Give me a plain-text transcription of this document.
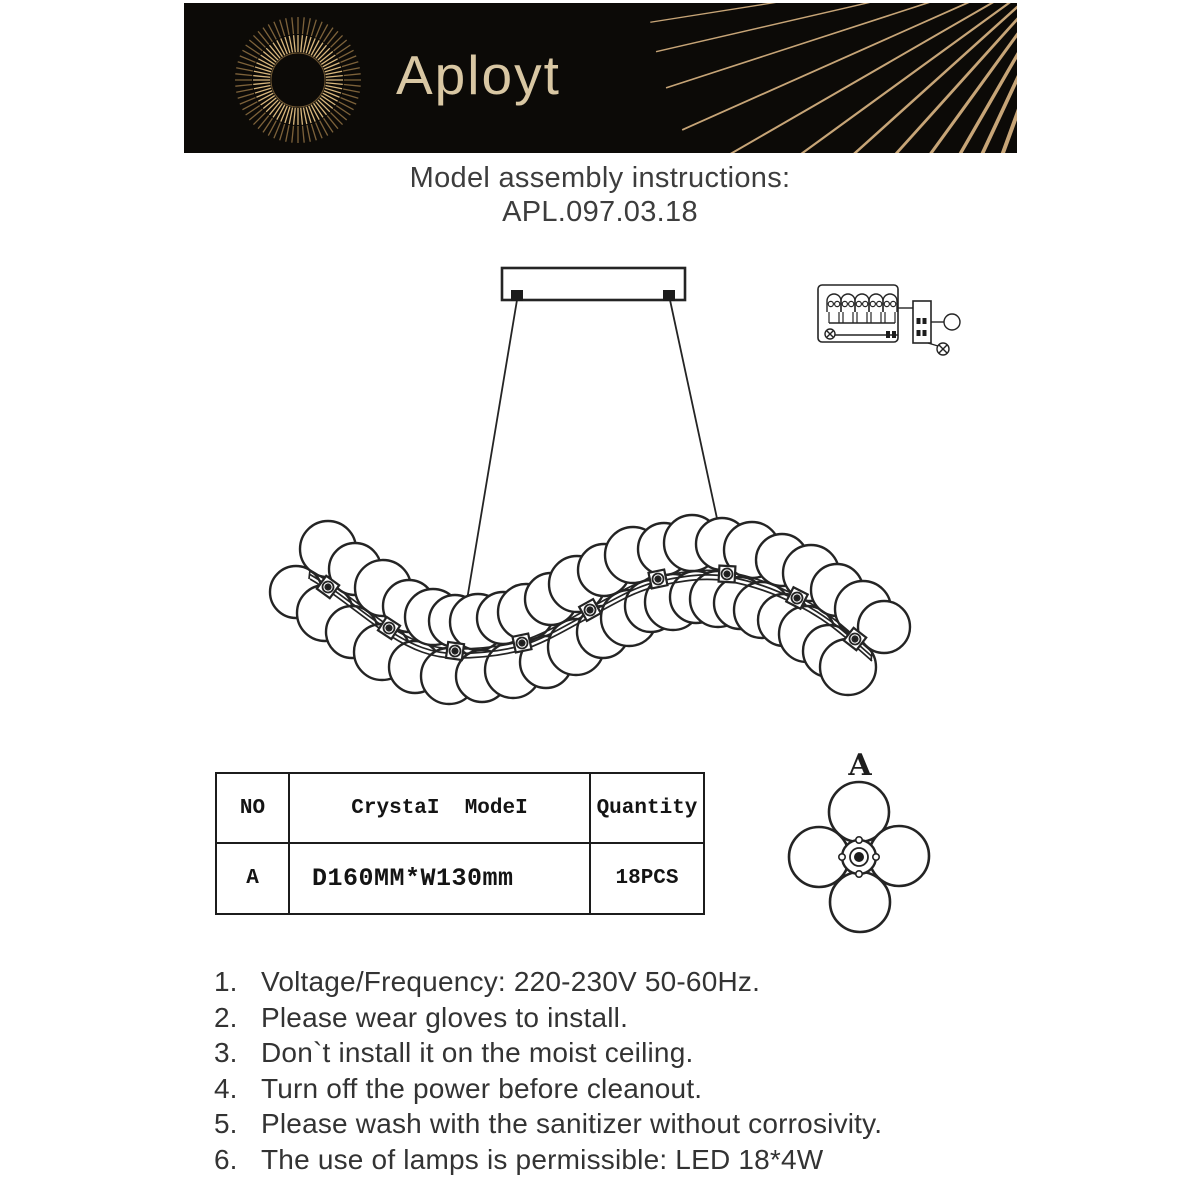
Aployt
Model assembly instructions:
APL.097.03.18
NO	CrystaI  ModeI	Quantity
A	D160MM*W130mm	18PCS
A
1. Voltage/Frequency: 220-230V 50-60Hz.
2. Please wear gloves to install.
3. Don`t install it on the moist ceiling.
4. Turn off the power before cleanout.
5. Please wash with the sanitizer without corrosivity.
6. The use of lamps is permissible: LED 18*4W
